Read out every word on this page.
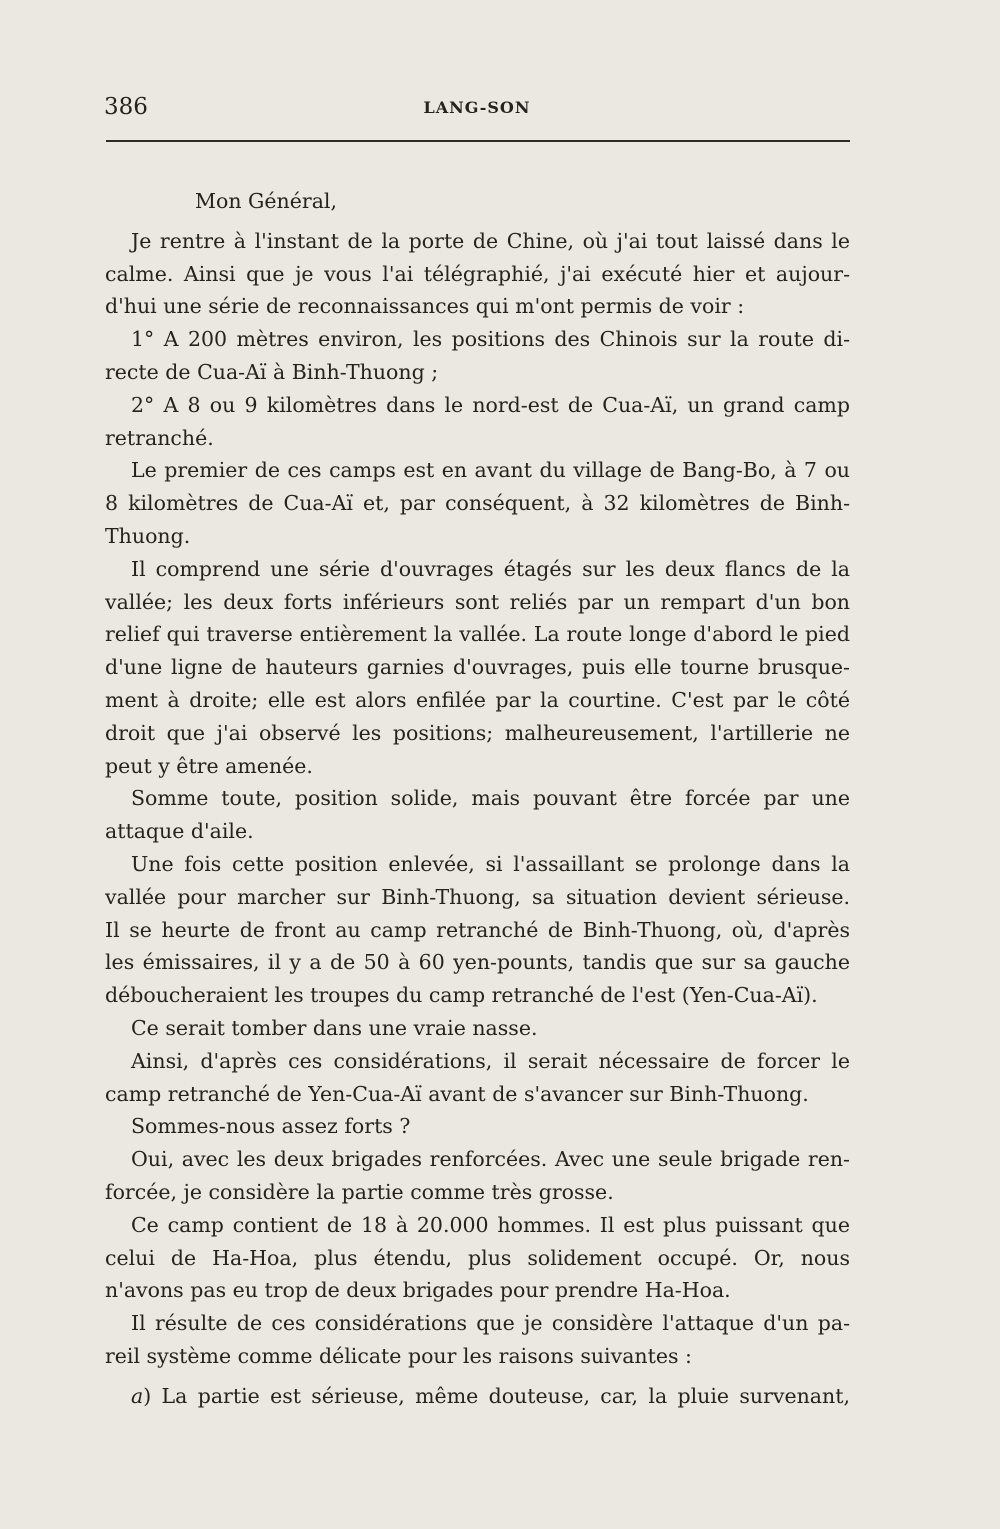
386	LANG-SON
Mon Général,
Je rentre à l'instant de la porte de Chine, où j'ai tout laissé dans le
calme. Ainsi que je vous l'ai télégraphié, j'ai exécuté hier et aujour-
d'hui une série de reconnaissances qui m'ont permis de voir :
1° A 200 mètres environ, les positions des Chinois sur la route di-
recte de Cua-Aï à Binh-Thuong ;
2° A 8 ou 9 kilomètres dans le nord-est de Cua-Aï, un grand camp
retranché.
Le premier de ces camps est en avant du village de Bang-Bo, à 7 ou
8 kilomètres de Cua-Aï et, par conséquent, à 32 kilomètres de Binh-
Thuong.
Il comprend une série d'ouvrages étagés sur les deux flancs de la
vallée; les deux forts inférieurs sont reliés par un rempart d'un bon
relief qui traverse entièrement la vallée. La route longe d'abord le pied
d'une ligne de hauteurs garnies d'ouvrages, puis elle tourne brusque-
ment à droite; elle est alors enfilée par la courtine. C'est par le côté
droit que j'ai observé les positions; malheureusement, l'artillerie ne
peut y être amenée.
Somme toute, position solide, mais pouvant être forcée par une
attaque d'aile.
Une fois cette position enlevée, si l'assaillant se prolonge dans la
vallée pour marcher sur Binh-Thuong, sa situation devient sérieuse.
Il se heurte de front au camp retranché de Binh-Thuong, où, d'après
les émissaires, il y a de 50 à 60 yen-pounts, tandis que sur sa gauche
déboucheraient les troupes du camp retranché de l'est (Yen-Cua-Aï).
Ce serait tomber dans une vraie nasse.
Ainsi, d'après ces considérations, il serait nécessaire de forcer le
camp retranché de Yen-Cua-Aï avant de s'avancer sur Binh-Thuong.
Sommes-nous assez forts ?
Oui, avec les deux brigades renforcées. Avec une seule brigade ren-
forcée, je considère la partie comme très grosse.
Ce camp contient de 18 à 20.000 hommes. Il est plus puissant que
celui de Ha-Hoa, plus étendu, plus solidement occupé. Or, nous
n'avons pas eu trop de deux brigades pour prendre Ha-Hoa.
Il résulte de ces considérations que je considère l'attaque d'un pa-
reil système comme délicate pour les raisons suivantes :
a) La partie est sérieuse, même douteuse, car, la pluie survenant,
